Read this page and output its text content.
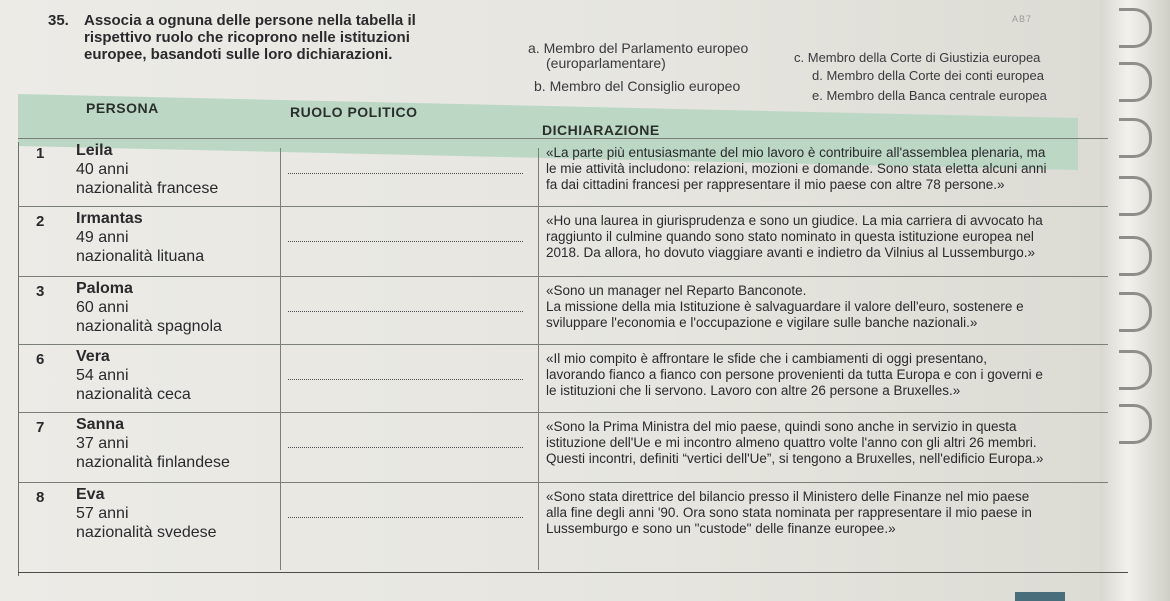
AB7
35. Associa a ognuna delle persone nella tabella il
rispettivo ruolo che ricoprono nelle istituzioni
europee, basandoti sulle loro dichiarazioni.	a. Membro del Parlamento europeo
(europarlamentare)
b. Membro del Consiglio europeo
c. Membro della Corte di Giustizia europea
d. Membro della Corte dei conti europea
e. Membro della Banca centrale europea
PERSONA	RUOLO POLITICO
DICHIARAZIONE
1 Leila
40 anni
nazionalità francese
«La parte più entusiasmante del mio lavoro è contribuire all'assemblea plenaria, ma
le mie attività includono: relazioni, mozioni e domande. Sono stata eletta alcuni anni
fa dai cittadini francesi per rappresentare il mio paese con altre 78 persone.»
2 Irmantas
49 anni
nazionalità lituana
«Ho una laurea in giurisprudenza e sono un giudice. La mia carriera di avvocato ha
raggiunto il culmine quando sono stato nominato in questa istituzione europea nel
2018. Da allora, ho dovuto viaggiare avanti e indietro da Vilnius al Lussemburgo.»
3 Paloma
60 anni
nazionalità spagnola
«Sono un manager nel Reparto Banconote.
La missione della mia Istituzione è salvaguardare il valore dell'euro, sostenere e
sviluppare l'economia e l'occupazione e vigilare sulle banche nazionali.»
6 Vera
54 anni
nazionalità ceca
«Il mio compito è affrontare le sfide che i cambiamenti di oggi presentano,
lavorando fianco a fianco con persone provenienti da tutta Europa e con i governi e
le istituzioni che li servono. Lavoro con altre 26 persone a Bruxelles.»
7 Sanna
37 anni
nazionalità finlandese
«Sono la Prima Ministra del mio paese, quindi sono anche in servizio in questa
istituzione dell'Ue e mi incontro almeno quattro volte l'anno con gli altri 26 membri.
Questi incontri, definiti “vertici dell'Ue”, si tengono a Bruxelles, nell'edificio Europa.»
8 Eva
57 anni
nazionalità svedese
«Sono stata direttrice del bilancio presso il Ministero delle Finanze nel mio paese
alla fine degli anni '90. Ora sono stata nominata per rappresentare il mio paese in
Lussemburgo e sono un "custode" delle finanze europee.»
